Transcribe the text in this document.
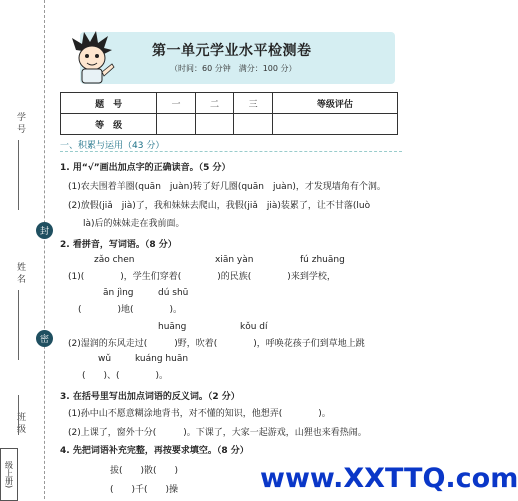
学 号
封
姓 名
密
班 级
级上册)
第一单元学业水平检测卷
（时间：60 分钟　满分：100 分）
题　号	一	二	三	等级评估
等　级				
一、积累与运用（43 分）
1. 用“√”画出加点字的正确读音。（5 分）
(1)农夫围着羊圈(quān　juàn)转了好几圈(quān　juàn)，才发现墙角有个洞。
(2)放假(jiǎ　jià)了，我和妹妹去爬山，我假(jiǎ　jià)装累了，让不甘落(luò
là)后的妹妹走在我前面。
2. 看拼音，写词语。（8 分）
zǎo chen	xiān yàn	fú zhuāng
(1)(　　　　)，学生们穿着(　　　　)的民族(　　　　)来到学校，
ān jìng	dú shū
(　　　　)地(　　　　)。
huāng	kǒu dí
(2)湿润的东风走过(　　　)野，吹着(　　　　)，呼唤花孩子们到草地上跳
wǔ	kuáng huān
(　　)、(　　　　)。
3. 在括号里写出加点词语的反义词。（2 分）
(1)孙中山不愿意糊涂地背书，对不懂的知识，他想弄(　　　　)。
(2)上课了，窗外十分(　　　)。下课了，大家一起游戏，山狸也来看热闹。
4. 先把词语补充完整，再按要求填空。（8 分）
拔(　　)散(　　)
(　　)千(　　)操	www.XXTTQ.com
